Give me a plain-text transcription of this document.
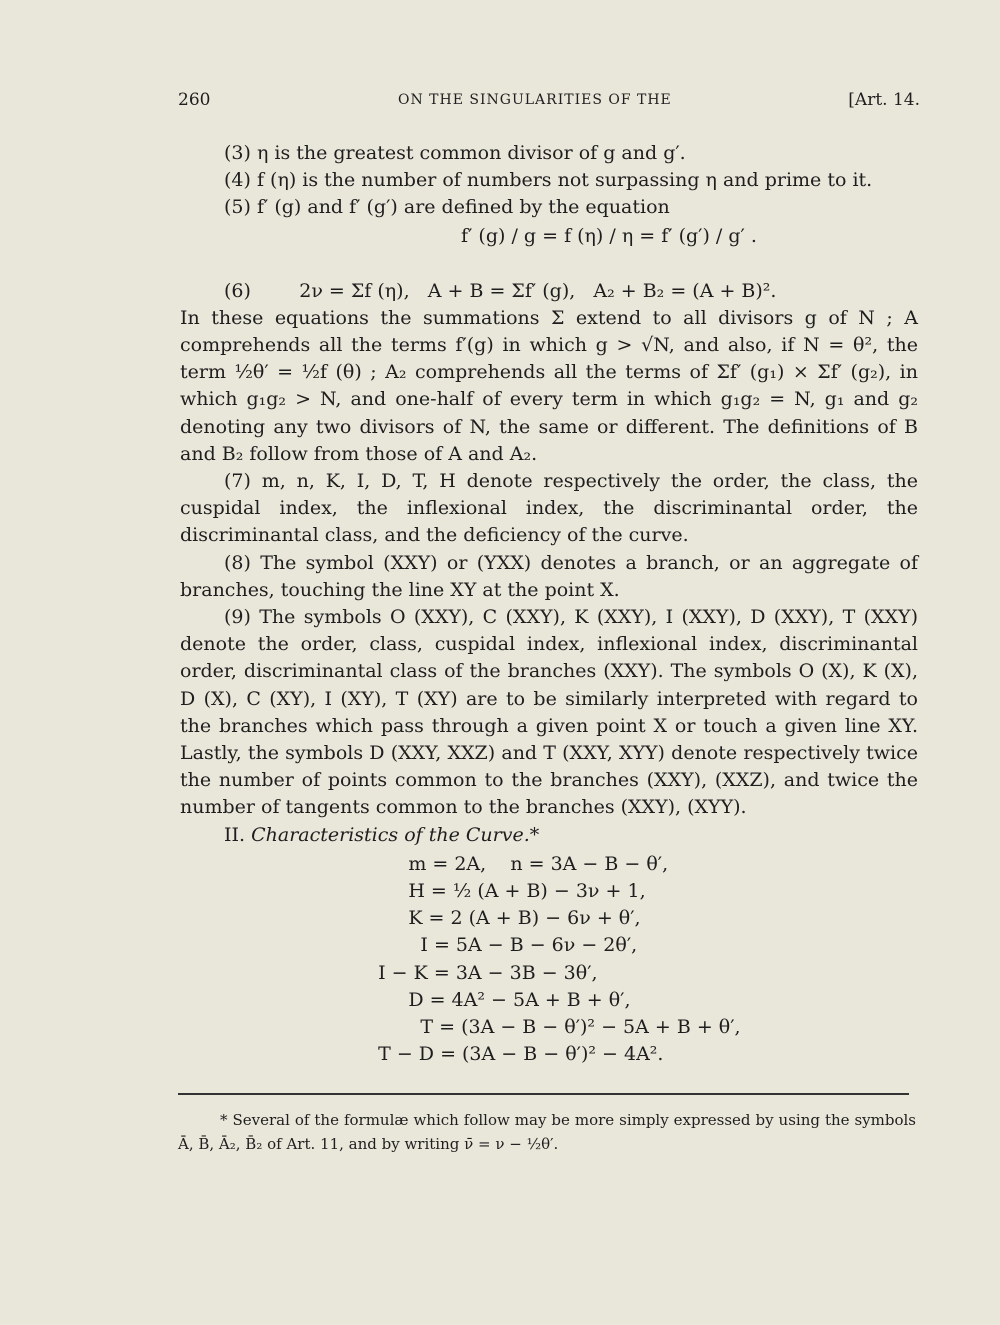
260	ON THE SINGULARITIES OF THE	[Art. 14.

(3) η is the greatest common divisor of g and g′.

(4) f (η) is the number of numbers not surpassing η and prime to it.

(5) f′ (g) and f′ (g′) are defined by the equation

f′ (g) / g = f (η) / η = f′ (g′) / g′ .

(6)        2ν = Σf (η),   A + B = Σf′ (g),   A₂ + B₂ = (A + B)².

In these equations the summations Σ extend to all divisors g of N ; A comprehends all the terms f′(g) in which g > √N, and also, if N = θ², the term ½θ′ = ½f (θ) ; A₂ comprehends all the terms of Σf′ (g₁) × Σf′ (g₂), in which g₁g₂ > N, and one-half of every term in which g₁g₂ = N, g₁ and g₂ denoting any two divisors of N, the same or different. The definitions of B and B₂ follow from those of A and A₂.

(7) m, n, K, I, D, T, H denote respectively the order, the class, the cuspidal index, the inflexional index, the discriminantal order, the discriminantal class, and the deficiency of the curve.

(8) The symbol (XXY) or (YXX) denotes a branch, or an aggregate of branches, touching the line XY at the point X.

(9) The symbols O (XXY), C (XXY), K (XXY), I (XXY), D (XXY), T (XXY) denote the order, class, cuspidal index, inflexional index, discriminantal order, discriminantal class of the branches (XXY). The symbols O (X), K (X), D (X), C (XY), I (XY), T (XY) are to be similarly interpreted with regard to the branches which pass through a given point X or touch a given line XY. Lastly, the symbols D (XXY, XXZ) and T (XXY, XYY) denote respectively twice the number of points common to the branches (XXY), (XXZ), and twice the number of tangents common to the branches (XXY), (XYY).

II. Characteristics of the Curve.*

m = 2A,    n = 3A − B − θ′,
H = ½ (A + B) − 3ν + 1,
K = 2 (A + B) − 6ν + θ′,
I = 5A − B − 6ν − 2θ′,
I − K = 3A − 3B − 3θ′,
D = 4A² − 5A + B + θ′,
T = (3A − B − θ′)² − 5A + B + θ′,
T − D = (3A − B − θ′)² − 4A².

* Several of the formulæ which follow may be more simply expressed by using the symbols Ā, B̄, Ā₂, B̄₂ of Art. 11, and by writing ν̄ = ν − ½θ′.
